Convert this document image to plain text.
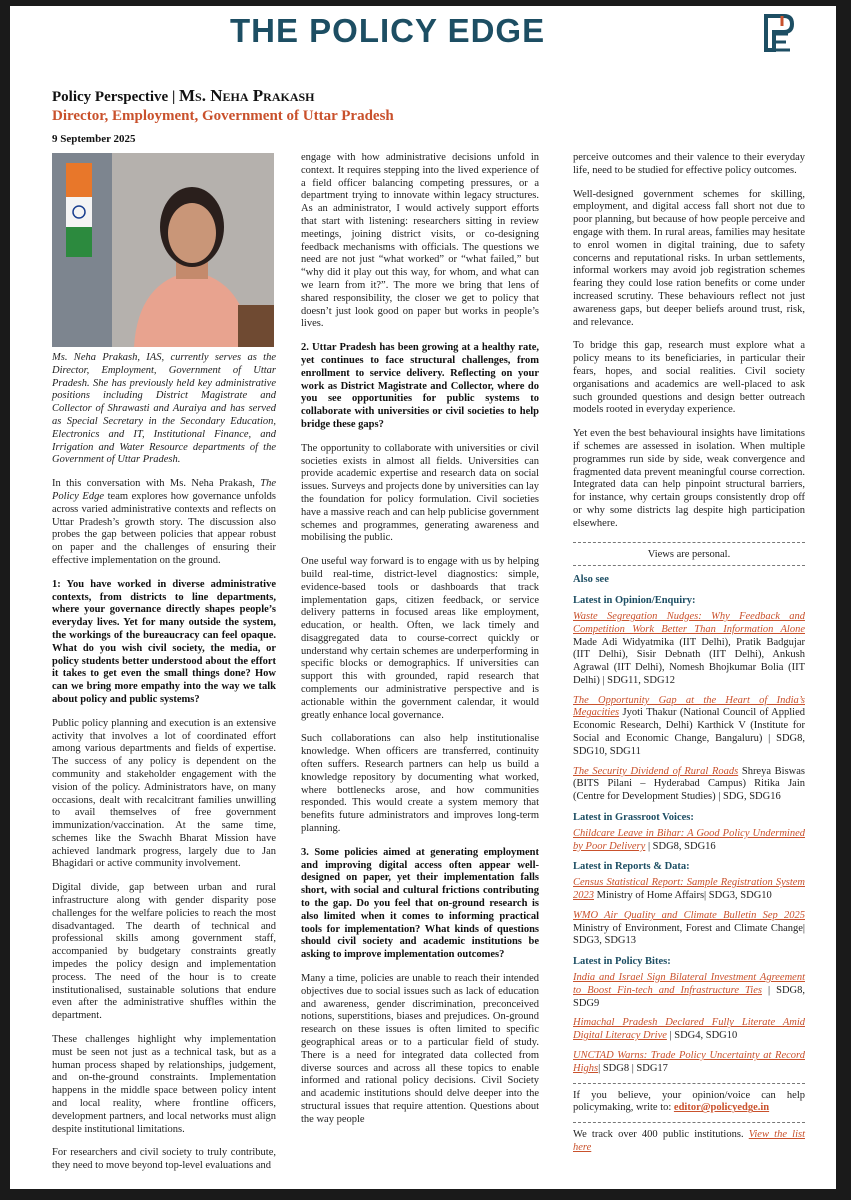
THE POLICY EDGE

Policy Perspective | Ms. Neha Prakash

Director, Employment, Government of Uttar Pradesh

9 September 2025

Ms. Neha Prakash, IAS, currently serves as the Director, Employment, Government of Uttar Pradesh. She has previously held key administrative positions including District Magistrate and Collector of Shrawasti and Auraiya and has served as Special Secretary in the Secondary Education, Electronics and IT, Institutional Finance, and Irrigation and Water Resource departments of the Government of Uttar Pradesh.

In this conversation with Ms. Neha Prakash, The Policy Edge team explores how governance unfolds across varied administrative contexts and reflects on Uttar Pradesh’s growth story. The discussion also probes the gap between policies that appear robust on paper and the challenges of ensuring their effective implementation on the ground.

1: You have worked in diverse administrative contexts, from districts to line departments, where your governance directly shapes people’s everyday lives. Yet for many outside the system, the workings of the bureaucracy can feel opaque. What do you wish civil society, the media, or policy students better understood about the effort it takes to get even the small things done? How can we bring more empathy into the way we talk about policy and public systems?

Public policy planning and execution is an extensive activity that involves a lot of coordinated effort among various departments and fields of expertise. The success of any policy is dependent on the community and stakeholder engagement with the vision of the policy. Administrators have, on many occasions, dealt with recalcitrant families unwilling to avail themselves of free government immunization/vaccination. At the same time, schemes like the Swachh Bharat Mission have achieved landmark progress, largely due to Jan Bhagidari or active community involvement.

Digital divide, gap between urban and rural infrastructure along with gender disparity pose challenges for the welfare policies to reach the most disadvantaged. The dearth of technical and professional skills among government staff, accompanied by budgetary constraints greatly impedes the policy design and implementation process. The need of the hour is to create institutionalised, sustainable solutions that endure even after the administrative shuffles within the department.

These challenges highlight why implementation must be seen not just as a technical task, but as a human process shaped by relationships, judgement, and on-the-ground constraints. Implementation happens in the middle space between policy intent and local reality, where frontline officers, development partners, and local networks must align despite institutional limitations.

For researchers and civil society to truly contribute, they need to move beyond top-level evaluations and

engage with how administrative decisions unfold in context. It requires stepping into the lived experience of a field officer balancing competing pressures, or a department trying to innovate within legacy structures. As an administrator, I would actively support efforts that start with listening: researchers sitting in review meetings, joining district visits, or co-designing feedback mechanisms with officials. The questions we need are not just “what worked” or “what failed,” but “why did it play out this way, for whom, and what can we learn from it?”. The more we bring that lens of shared responsibility, the closer we get to policy that doesn’t just look good on paper but works in people’s lives.

2. Uttar Pradesh has been growing at a healthy rate, yet continues to face structural challenges, from enrollment to service delivery. Reflecting on your work as District Magistrate and Collector, where do you see opportunities for public systems to collaborate with universities or civil societies to help bridge these gaps?

The opportunity to collaborate with universities or civil societies exists in almost all fields. Universities can provide academic expertise and research data on social issues. Surveys and projects done by universities can lay the foundation for policy formulation. Civil societies have a massive reach and can help publicise government schemes and programmes, generating awareness and mobilising the public.

One useful way forward is to engage with us by helping build real-time, district-level diagnostics: simple, evidence-based tools or dashboards that track implementation gaps, citizen feedback, or service delivery patterns in focused areas like employment, education, or health. Often, we lack timely and disaggregated data to course-correct quickly or understand why certain schemes are underperforming in specific blocks or demographics. If universities can support this with grounded, rapid research that complements our administrative perspective and is actionable within the government calendar, it would greatly enhance local governance.

Such collaborations can also help institutionalise knowledge. When officers are transferred, continuity often suffers. Research partners can help us build a knowledge repository by documenting what worked, where bottlenecks arose, and how communities responded. This would create a system memory that benefits future administrators and improves long-term planning.

3. Some policies aimed at generating employment and improving digital access often appear well-designed on paper, yet their implementation falls short, with social and cultural frictions contributing to the gap. Do you feel that on-ground research is also limited when it comes to informing practical tools for implementation? What kinds of questions should civil society and academic institutions be asking to improve implementation outcomes?

Many a time, policies are unable to reach their intended objectives due to social issues such as lack of education and awareness, gender discrimination, preconceived notions, superstitions, biases and prejudices. On-ground research on these issues is often limited to specific geographical areas or to a particular field of study. There is a need for integrated data collected from diverse sources and across all these topics to enable informed and rational policy decisions. Civil Society and academic institutions should delve deeper into the structural issues that require attention. Questions about the way people

perceive outcomes and their valence to their everyday life, need to be studied for effective policy outcomes.

Well-designed government schemes for skilling, employment, and digital access fall short not due to poor planning, but because of how people perceive and engage with them. In rural areas, families may hesitate to enrol women in digital training, due to safety concerns and reputational risks. In urban settlements, informal workers may avoid job registration schemes fearing they could lose ration benefits or come under increased scrutiny. These behaviours reflect not just awareness gaps, but deeper beliefs around trust, risk, and relevance.

To bridge this gap, research must explore what a policy means to its beneficiaries, in particular their fears, hopes, and social realities. Civil society organisations and academics are well-placed to ask such grounded questions and design better outreach models rooted in everyday experience.

Yet even the best behavioural insights have limitations if schemes are assessed in isolation. When multiple programmes run side by side, weak convergence and fragmented data prevent meaningful course correction. Integrated data can help pinpoint structural barriers, for instance, why certain groups consistently drop off or why some districts lag despite high participation elsewhere.

Views are personal.
Also see
Latest in Opinion/Enquiry:
Waste Segregation Nudges: Why Feedback and Competition Work Better Than Information Alone Made Adi Widyatmika (IIT Delhi), Pratik Badgujar (IIT Delhi), Sisir Debnath (IIT Delhi), Ankush Agrawal (IIT Delhi), Nomesh Bhojkumar Bolia (IIT Delhi) | SDG11, SDG12
The Opportunity Gap at the Heart of India’s Megacities Jyoti Thakur (National Council of Applied Economic Research, Delhi) Karthick V (Institute for Social and Economic Change, Bangaluru) | SDG8, SDG10, SDG11
The Security Dividend of Rural Roads Shreya Biswas (BITS Pilani – Hyderabad Campus) Ritika Jain (Centre for Development Studies) | SDG, SDG16
Latest in Grassroot Voices:
Childcare Leave in Bihar: A Good Policy Undermined by Poor Delivery | SDG8, SDG16
Latest in Reports & Data:
Census Statistical Report: Sample Registration System 2023 Ministry of Home Affairs| SDG3, SDG10
WMO Air Quality and Climate Bulletin Sep 2025 Ministry of Environment, Forest and Climate Change| SDG3, SDG13
Latest in Policy Bites:
India and Israel Sign Bilateral Investment Agreement to Boost Fin-tech and Infrastructure Ties | SDG8, SDG9
Himachal Pradesh Declared Fully Literate Amid Digital Literacy Drive | SDG4, SDG10
UNCTAD Warns: Trade Policy Uncertainty at Record Highs| SDG8 | SDG17
If you believe, your opinion/voice can help policymaking, write to: editor@policyedge.in
We track over 400 public institutions. View the list here
